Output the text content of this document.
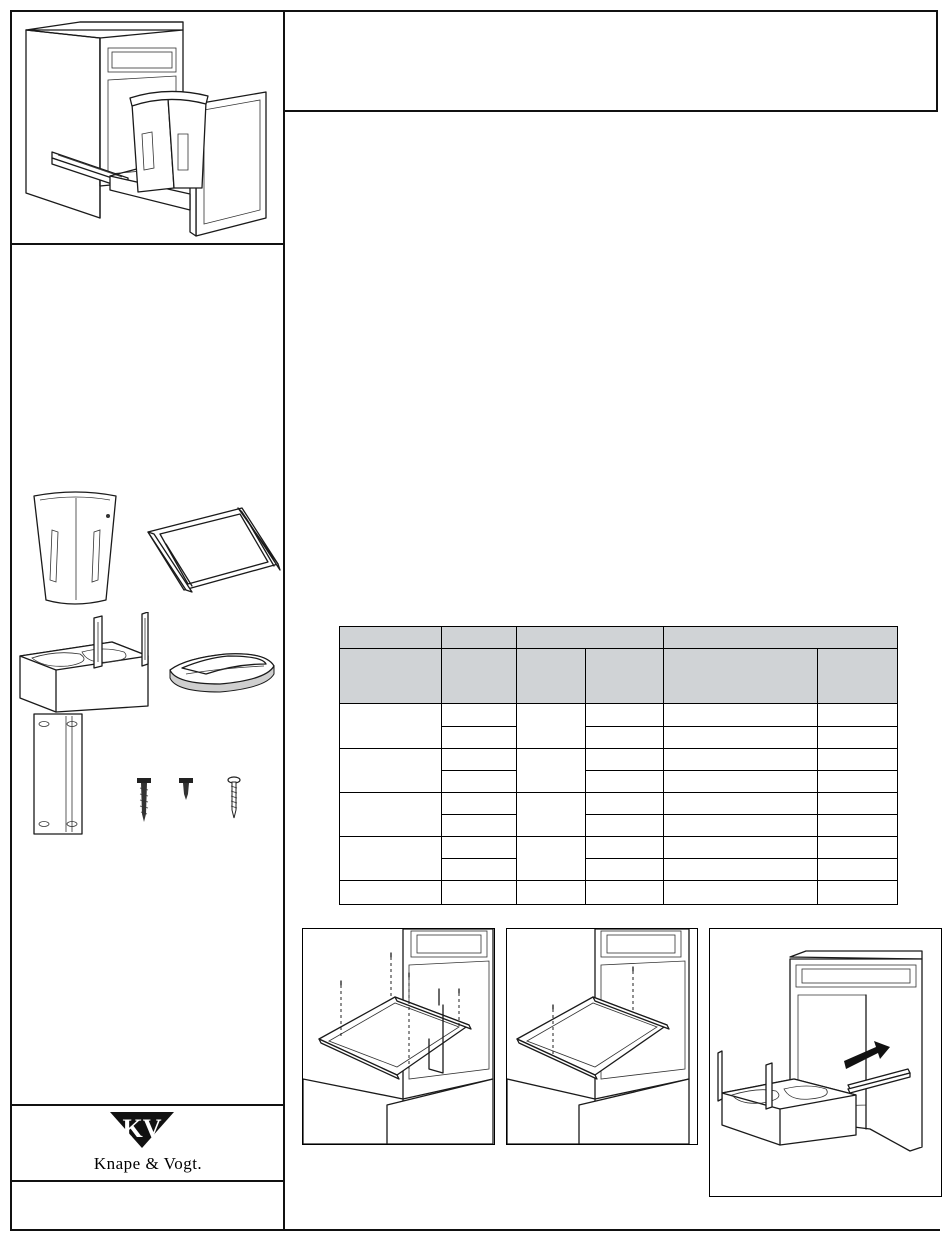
KV
Knape & Vogt.
